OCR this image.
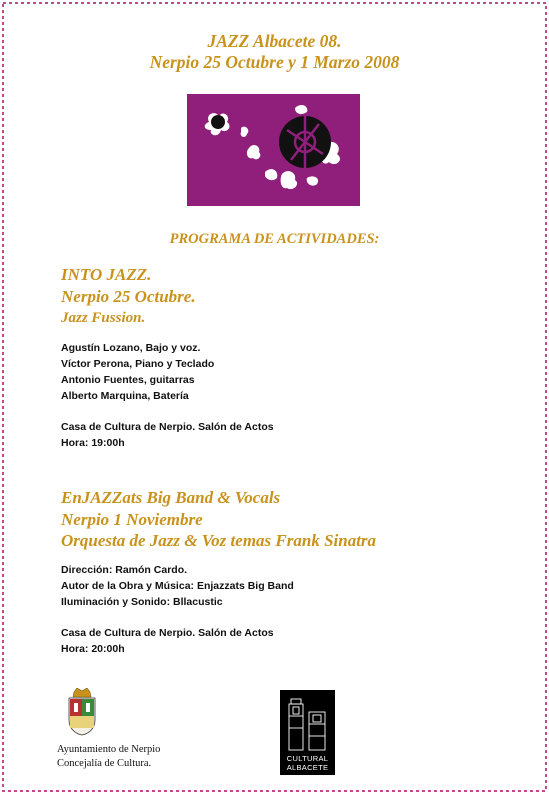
JAZZ Albacete 08.
Nerpio 25 Octubre y 1 Marzo 2008
PROGRAMA DE ACTIVIDADES:
INTO JAZZ.
Nerpio 25 Octubre.
Jazz Fussion.
Agustín Lozano, Bajo y voz.
Víctor Perona, Piano y Teclado
Antonio Fuentes, guitarras
Alberto Marquina, Batería
Casa de Cultura de Nerpio. Salón de Actos
Hora: 19:00h
EnJAZZats Big Band & Vocals
Nerpio 1 Noviembre
Orquesta de Jazz & Voz temas Frank Sinatra
Dirección: Ramón Cardo.
Autor de la Obra y Música: Enjazzats Big Band
Iluminación y Sonido: Bllacustic
Casa de Cultura de Nerpio. Salón de Actos
Hora: 20:00h
Ayuntamiento de Nerpio
Concejalía de Cultura.	CULTURAL
ALBACETE
